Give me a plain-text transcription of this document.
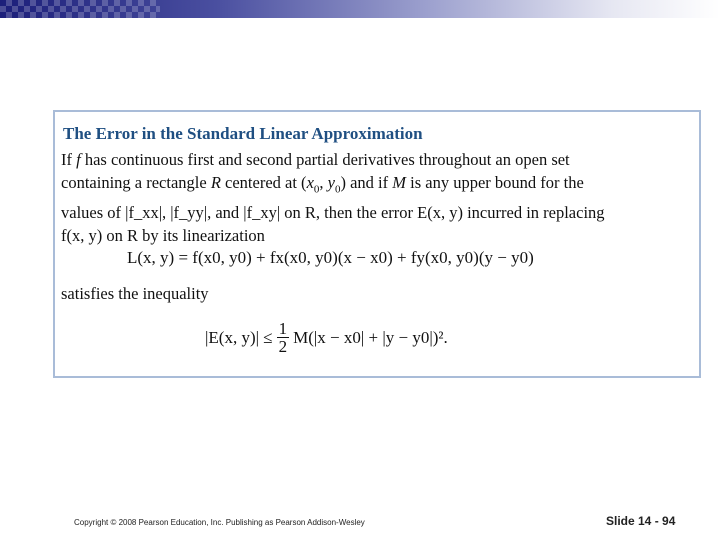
The Error in the Standard Linear Approximation
If f has continuous first and second partial derivatives throughout an open set
containing a rectangle R centered at ($x_0$, $y_0$) and if M is any upper bound for the
values of |f_xx|, |f_yy|, and |f_xy| on R, then the error E(x, y) incurred in replacing
f(x, y) on R by its linearization
L(x, y) = f(x0, y0) + fx(x0, y0)(x − x0) + fy(x0, y0)(y − y0)
satisfies the inequality
|E(x, $y)| \le \frac{1}{2} M(|x - x0| + |y - y0|)^2$.
Copyright © 2008 Pearson Education, Inc. Publishing as Pearson Addison-Wesley	Slide 14 - 94
